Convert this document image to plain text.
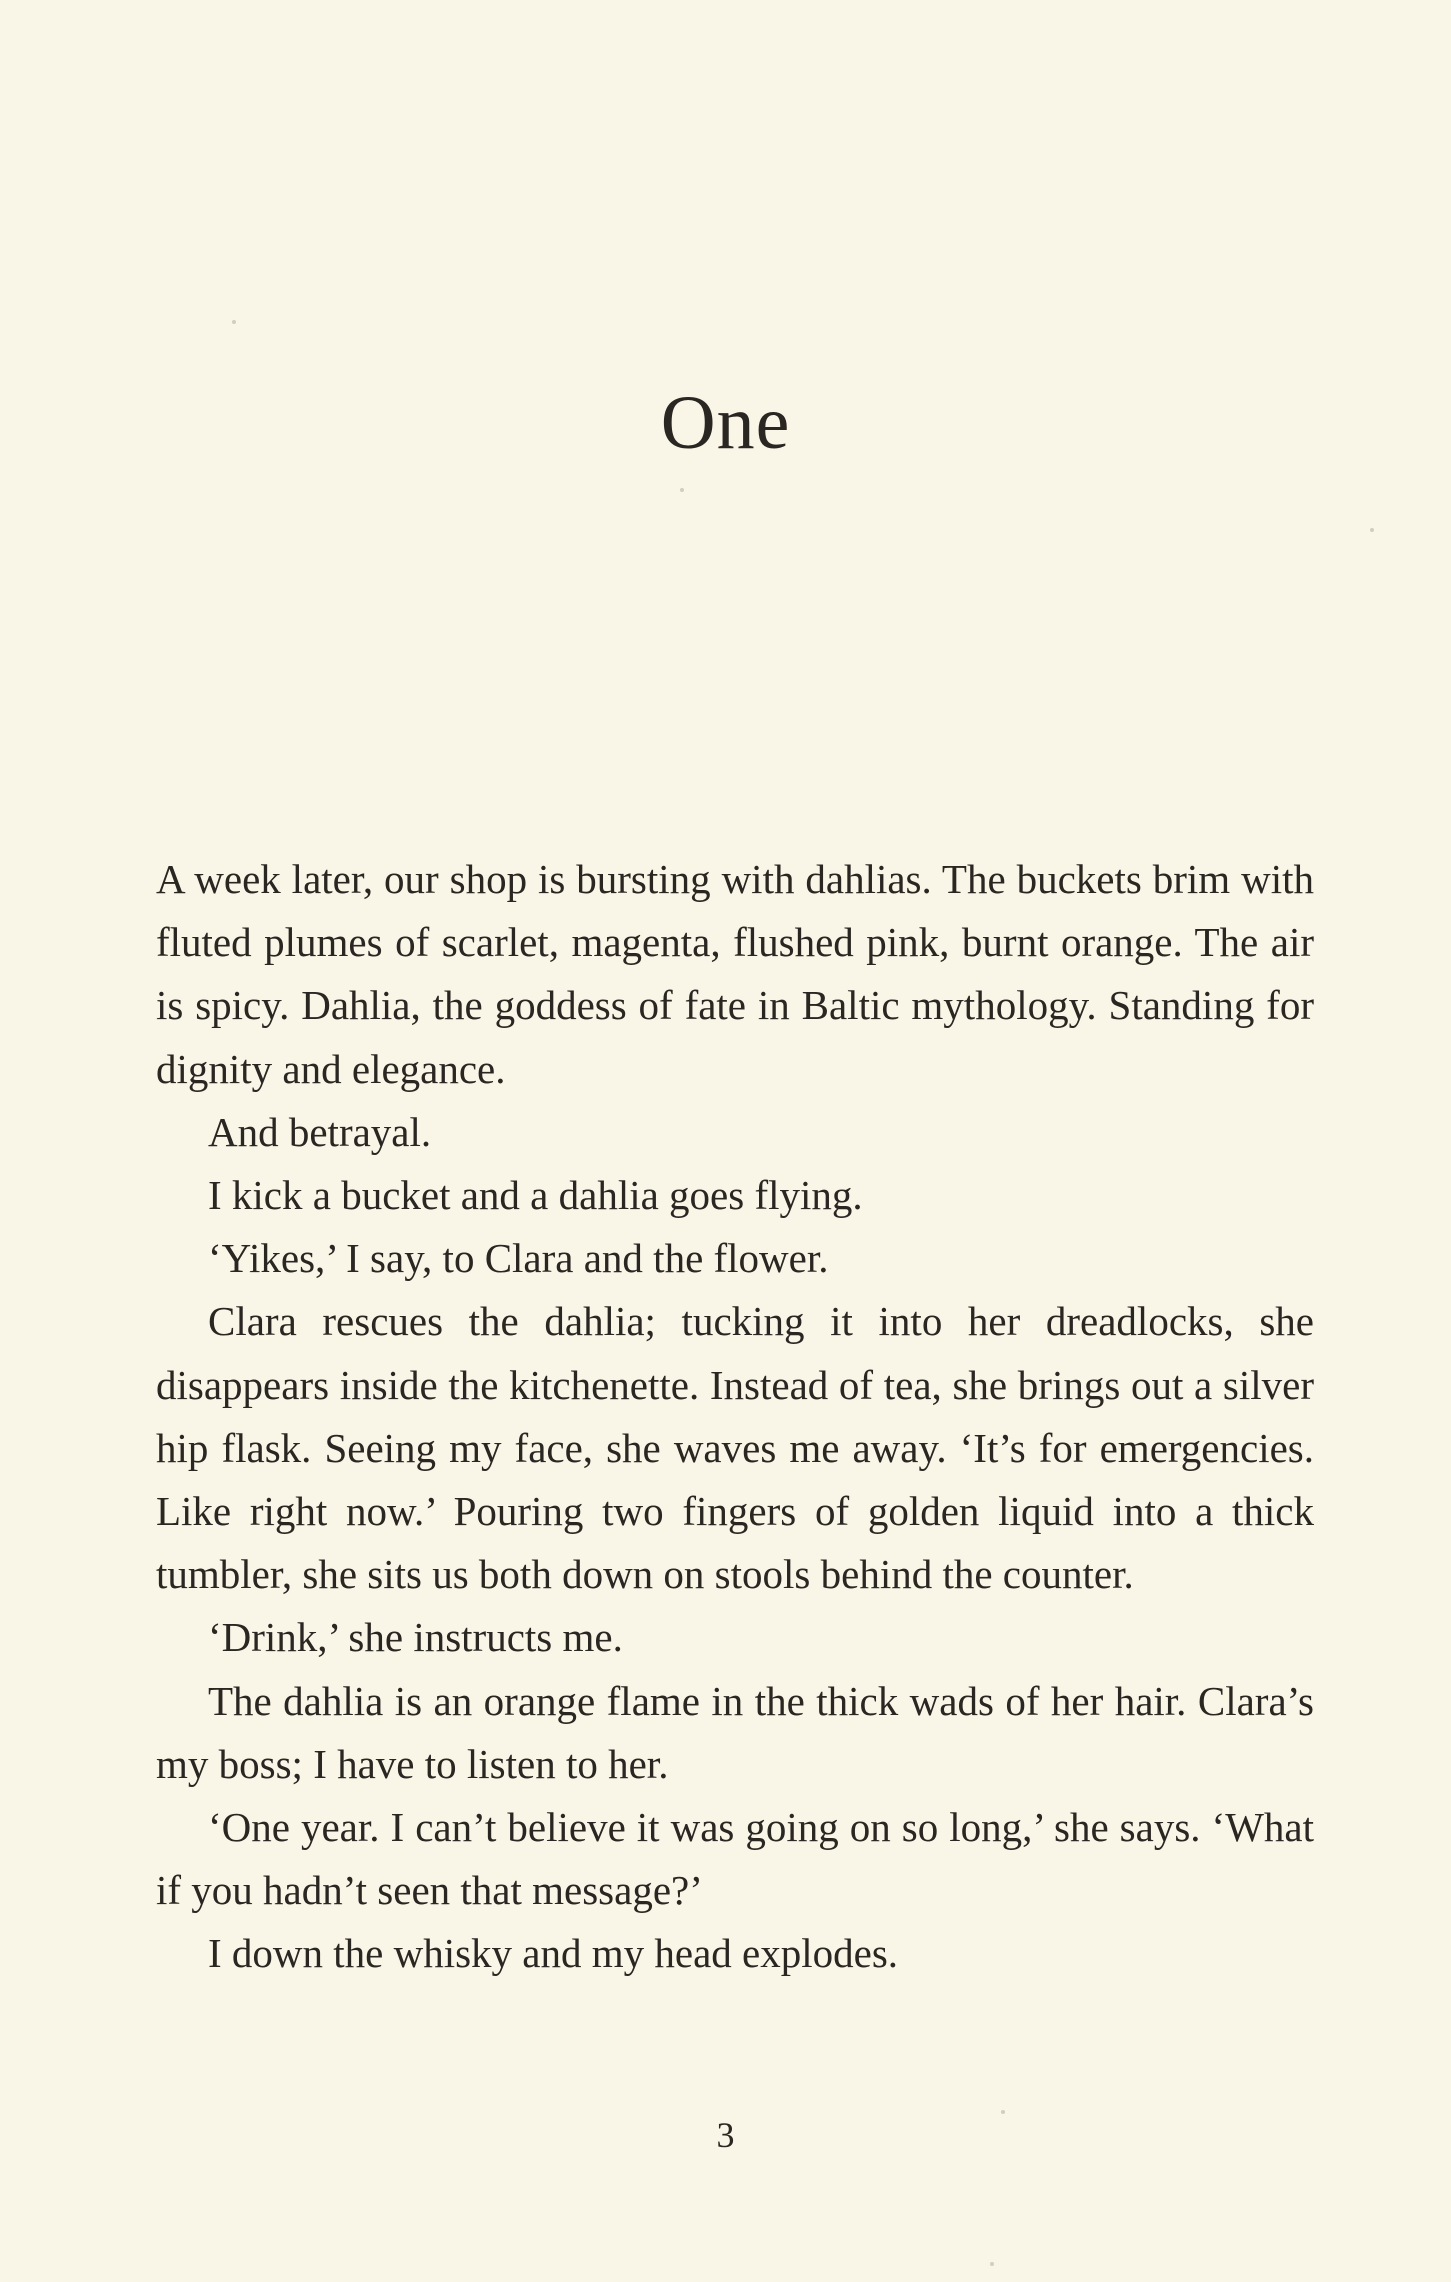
One

A week later, our shop is bursting with dahlias. The buckets brim with fluted plumes of scarlet, magenta, flushed pink, burnt orange. The air is spicy. Dahlia, the goddess of fate in Baltic mythology. Standing for dignity and elegance.

And betrayal.

I kick a bucket and a dahlia goes flying.

‘Yikes,’ I say, to Clara and the flower.

Clara rescues the dahlia; tucking it into her dreadlocks, she disappears inside the kitchenette. Instead of tea, she brings out a silver hip flask. Seeing my face, she waves me away. ‘It’s for emergencies. Like right now.’ Pouring two fingers of golden liquid into a thick tumbler, she sits us both down on stools behind the counter.

‘Drink,’ she instructs me.

The dahlia is an orange flame in the thick wads of her hair. Clara’s my boss; I have to listen to her.

‘One year. I can’t believe it was going on so long,’ she says. ‘What if you hadn’t seen that message?’

I down the whisky and my head explodes.

3
